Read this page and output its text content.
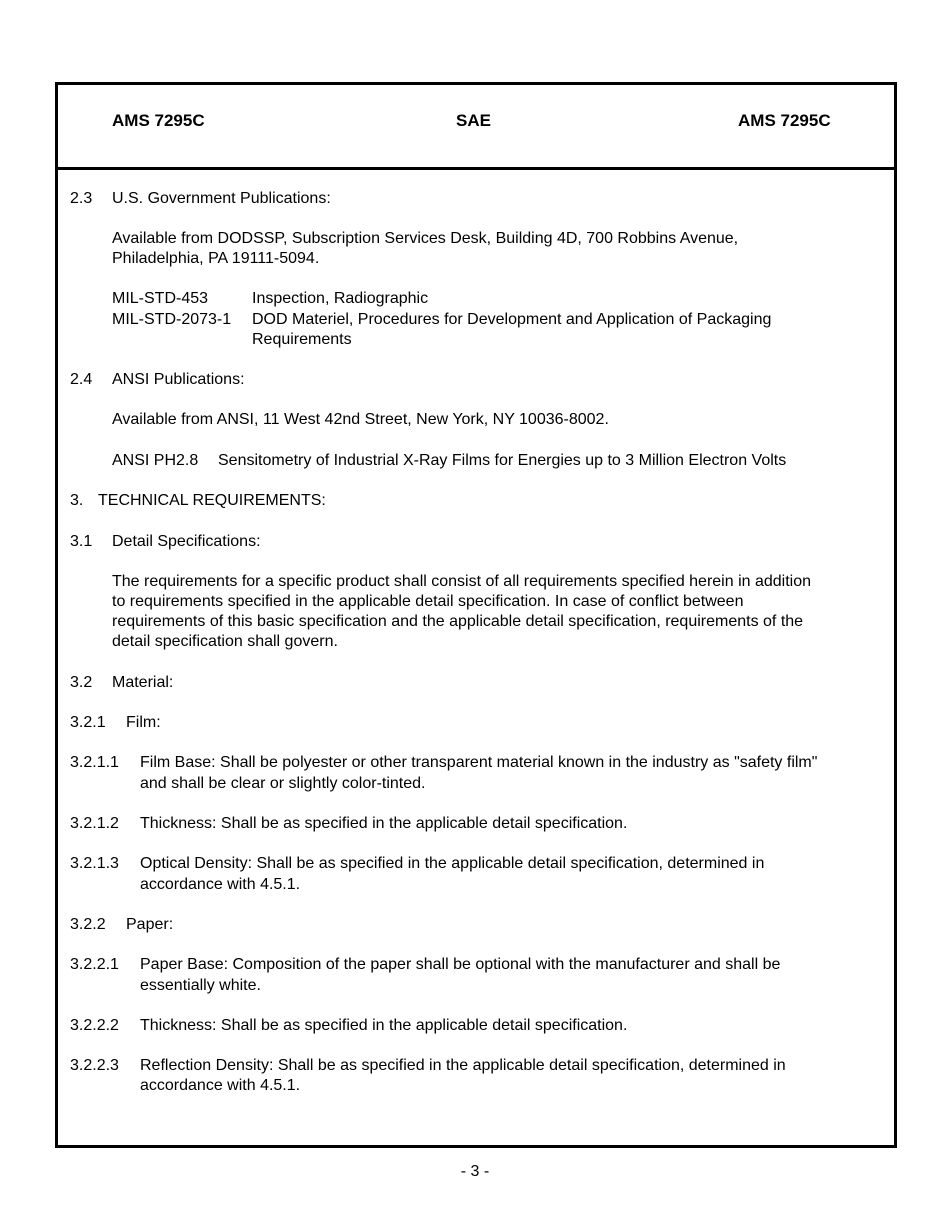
AMS 7295C	SAE	AMS 7295C
2.3 U.S. Government Publications:
Available from DODSSP, Subscription Services Desk, Building 4D, 700 Robbins Avenue,
Philadelphia, PA 19111-5094.
MIL-STD-453	Inspection, Radiographic
MIL-STD-2073-1 DOD Materiel, Procedures for Development and Application of Packaging
Requirements
2.4 ANSI Publications:
Available from ANSI, 11 West 42nd Street, New York, NY 10036-8002.
ANSI PH2.8 Sensitometry of Industrial X-Ray Films for Energies up to 3 Million Electron Volts
3. TECHNICAL REQUIREMENTS:
3.1 Detail Specifications:
The requirements for a specific product shall consist of all requirements specified herein in addition
to requirements specified in the applicable detail specification. In case of conflict between
requirements of this basic specification and the applicable detail specification, requirements of the
detail specification shall govern.
3.2 Material:
3.2.1 Film:
3.2.1.1 Film Base: Shall be polyester or other transparent material known in the industry as "safety film"
and shall be clear or slightly color-tinted.
3.2.1.2 Thickness: Shall be as specified in the applicable detail specification.
3.2.1.3 Optical Density: Shall be as specified in the applicable detail specification, determined in
accordance with 4.5.1.
3.2.2 Paper:
3.2.2.1 Paper Base: Composition of the paper shall be optional with the manufacturer and shall be
essentially white.
3.2.2.2 Thickness: Shall be as specified in the applicable detail specification.
3.2.2.3 Reflection Density: Shall be as specified in the applicable detail specification, determined in
accordance with 4.5.1.
- 3 -
